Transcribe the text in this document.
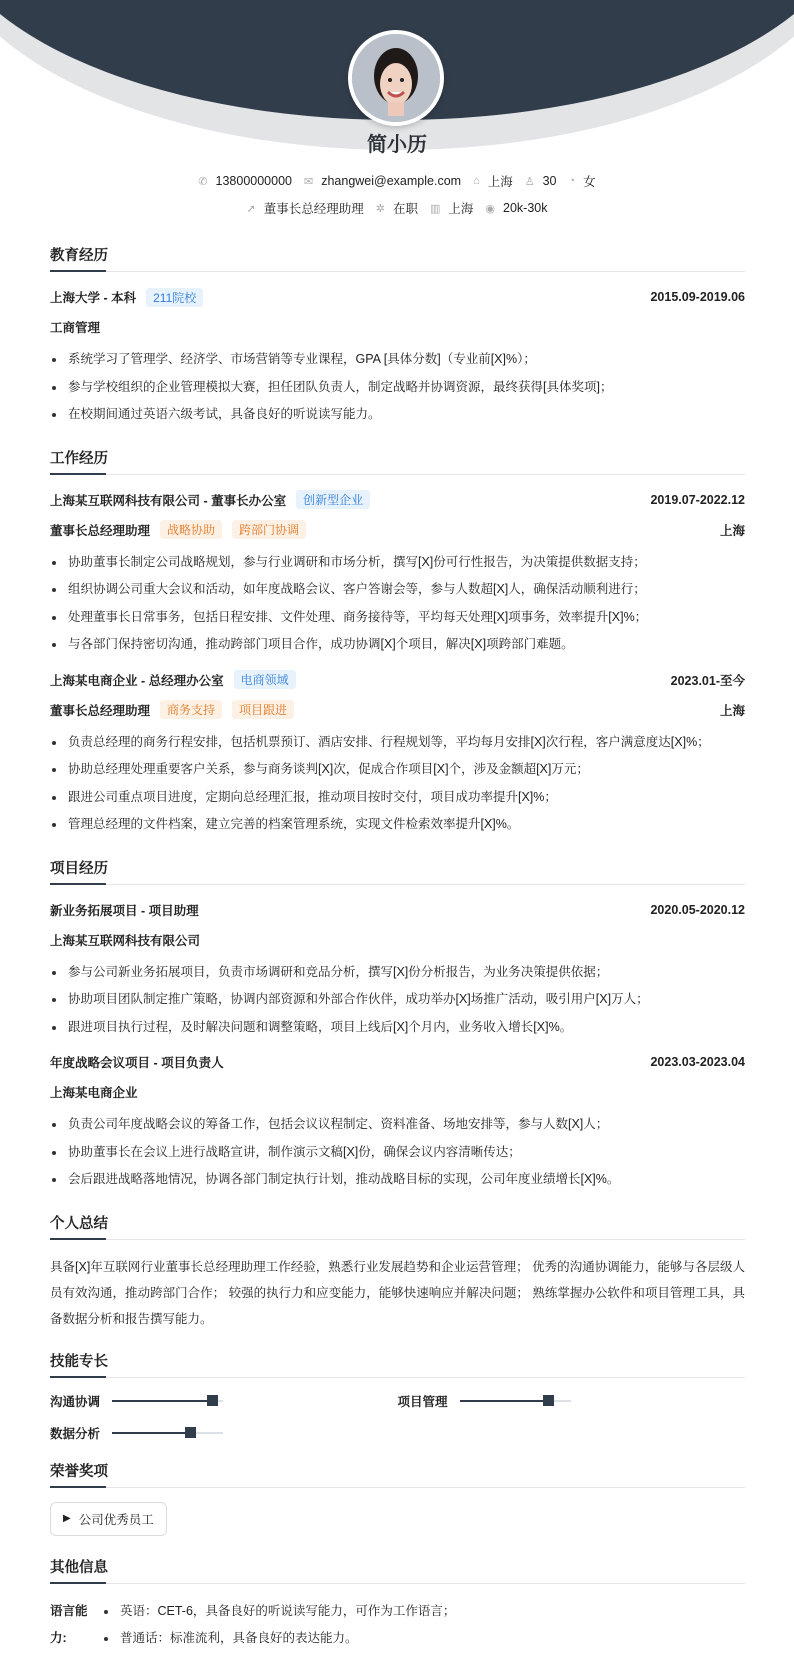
简小历
✆ 13800000000 ✉ zhangwei@example.com ⌂ 上海 ♙ 30 ◔ 女
➚ 董事长总经理助理 ✲ 在职 ▥ 上海 ◉ 20k-30k
教育经历
上海大学 - 本科	211院校	2015.09-2019.06
工商管理
系统学习了管理学、经济学、市场营销等专业课程，GPA [具体分数]（专业前[X]%）；
参与学校组织的企业管理模拟大赛，担任团队负责人，制定战略并协调资源，最终获得[具体奖项]；
在校期间通过英语六级考试，具备良好的听说读写能力。
工作经历
上海某互联网科技有限公司 - 董事长办公室	创新型企业	2019.07-2022.12
董事长总经理助理	战略协助	跨部门协调	上海
协助董事长制定公司战略规划，参与行业调研和市场分析，撰写[X]份可行性报告，为决策提供数据支持；
组织协调公司重大会议和活动，如年度战略会议、客户答谢会等，参与人数超[X]人，确保活动顺利进行；
处理董事长日常事务，包括日程安排、文件处理、商务接待等，平均每天处理[X]项事务，效率提升[X]%；
与各部门保持密切沟通，推动跨部门项目合作，成功协调[X]个项目，解决[X]项跨部门难题。
上海某电商企业 - 总经理办公室	电商领域	2023.01-至今
董事长总经理助理	商务支持	项目跟进	上海
负责总经理的商务行程安排，包括机票预订、酒店安排、行程规划等，平均每月安排[X]次行程，客户满意度达[X]%；
协助总经理处理重要客户关系，参与商务谈判[X]次，促成合作项目[X]个，涉及金额超[X]万元；
跟进公司重点项目进度，定期向总经理汇报，推动项目按时交付，项目成功率提升[X]%；
管理总经理的文件档案，建立完善的档案管理系统，实现文件检索效率提升[X]%。
项目经历
新业务拓展项目 - 项目助理	2020.05-2020.12
上海某互联网科技有限公司
参与公司新业务拓展项目，负责市场调研和竞品分析，撰写[X]份分析报告，为业务决策提供依据；
协助项目团队制定推广策略，协调内部资源和外部合作伙伴，成功举办[X]场推广活动，吸引用户[X]万人；
跟进项目执行过程，及时解决问题和调整策略，项目上线后[X]个月内，业务收入增长[X]%。
年度战略会议项目 - 项目负责人	2023.03-2023.04
上海某电商企业
负责公司年度战略会议的筹备工作，包括会议议程制定、资料准备、场地安排等，参与人数[X]人；
协助董事长在会议上进行战略宣讲，制作演示文稿[X]份，确保会议内容清晰传达；
会后跟进战略落地情况，协调各部门制定执行计划，推动战略目标的实现，公司年度业绩增长[X]%。
个人总结

具备[X]年互联网行业董事长总经理助理工作经验，熟悉行业发展趋势和企业运营管理； 优秀的沟通协调能力，能够与各层级人员有效沟通，推动跨部门合作； 较强的执行力和应变能力，能够快速响应并解决问题； 熟练掌握办公软件和项目管理工具，具备数据分析和报告撰写能力。

技能专长
沟通协调	项目管理
数据分析
荣誉奖项
▶ 公司优秀员工
其他信息
语言能力:
英语：CET-6，具备良好的听说读写能力，可作为工作语言；
普通话：标准流利，具备良好的表达能力。
